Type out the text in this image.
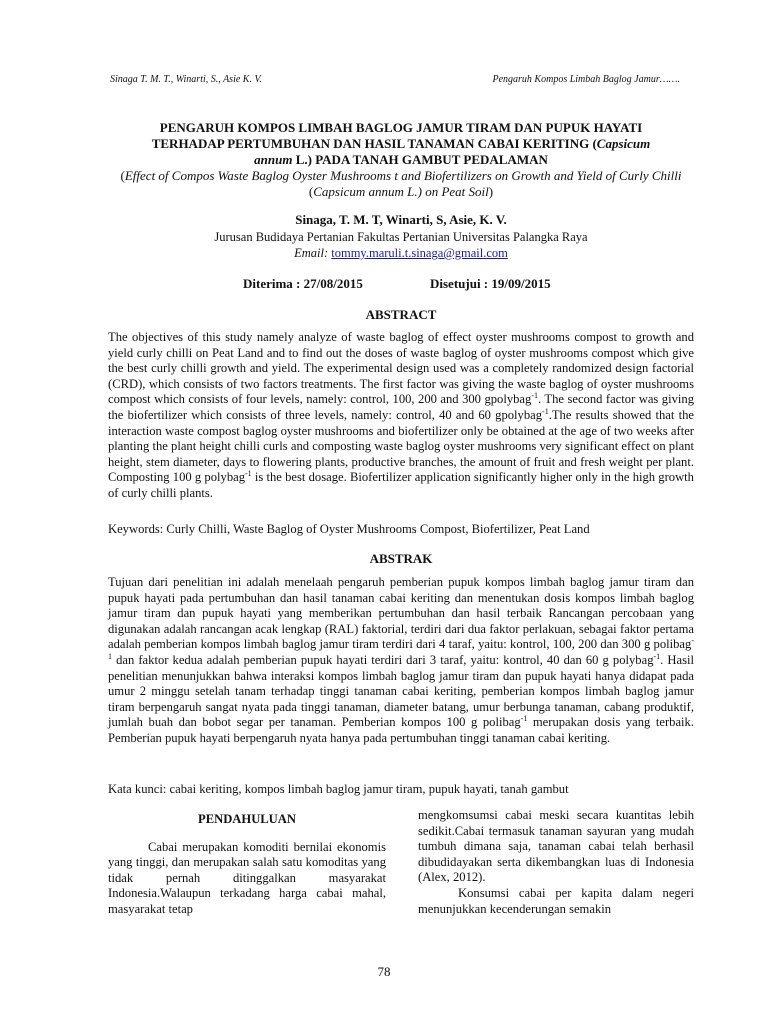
Sinaga T. M. T., Winarti, S., Asie K. V.	Pengaruh Kompos Limbah Baglog Jamur…….
PENGARUH KOMPOS LIMBAH BAGLOG JAMUR TIRAM DAN PUPUK HAYATI
TERHADAP PERTUMBUHAN DAN HASIL TANAMAN CABAI KERITING (Capsicum
annum L.) PADA TANAH GAMBUT PEDALAMAN
(Effect of Compos Waste Baglog Oyster Mushrooms t and Biofertilizers on Growth and Yield of Curly Chilli (Capsicum annum L.) on Peat Soil)
Sinaga, T. M. T, Winarti, S, Asie, K. V.
Jurusan Budidaya Pertanian Fakultas Pertanian Universitas Palangka Raya
Email: tommy.maruli.t.sinaga@gmail.com
Diterima : 27/08/2015	Disetujui : 19/09/2015
ABSTRACT
The objectives of this study namely analyze of waste baglog of effect oyster mushrooms compost to growth and yield curly chilli on Peat Land and to find out the doses of waste baglog of oyster mushrooms compost which give the best curly chilli growth and yield. The experimental design used was a completely randomized design factorial (CRD), which consists of two factors treatments. The first factor was giving the waste baglog of oyster mushrooms compost which consists of four levels, namely: control, 100, 200 and 300 gpolybag$^{-1}$. The second factor was giving the biofertilizer which consists of three levels, namely: control, 40 and 60 gpolybag$^{-1}$.The results showed that the interaction waste compost baglog oyster mushrooms and biofertilizer only be obtained at the age of two weeks after planting the plant height chilli curls and composting waste baglog oyster mushrooms very significant effect on plant height, stem diameter, days to flowering plants, productive branches, the amount of fruit and fresh weight per plant. Composting 100 g polybag$^{-1}$ is the best dosage. Biofertilizer application significantly higher only in the high growth of curly chilli plants.
Keywords: Curly Chilli, Waste Baglog of Oyster Mushrooms Compost, Biofertilizer, Peat Land
ABSTRAK
Tujuan dari penelitian ini adalah menelaah pengaruh pemberian pupuk kompos limbah baglog jamur tiram dan pupuk hayati pada pertumbuhan dan hasil tanaman cabai keriting dan menentukan dosis kompos limbah baglog jamur tiram dan pupuk hayati yang memberikan pertumbuhan dan hasil terbaik Rancangan percobaan yang digunakan adalah rancangan acak lengkap (RAL) faktorial, terdiri dari dua faktor perlakuan, sebagai faktor pertama adalah pemberian kompos limbah baglog jamur tiram terdiri dari 4 taraf, yaitu: kontrol, 100, 200 dan 300 g polibag$^{-1}$ dan faktor kedua adalah pemberian pupuk hayati terdiri dari 3 taraf, yaitu: kontrol, 40 dan 60 g polybag$^{-1}$. Hasil penelitian menunjukkan bahwa interaksi kompos limbah baglog jamur tiram dan pupuk hayati hanya didapat pada umur 2 minggu setelah tanam terhadap tinggi tanaman cabai keriting, pemberian kompos limbah baglog jamur tiram berpengaruh sangat nyata pada tinggi tanaman, diameter batang, umur berbunga tanaman, cabang produktif, jumlah buah dan bobot segar per tanaman. Pemberian kompos 100 g polibag$^{-1}$ merupakan dosis yang terbaik. Pemberian pupuk hayati berpengaruh nyata hanya pada pertumbuhan tinggi tanaman cabai keriting.
Kata kunci: cabai keriting, kompos limbah baglog jamur tiram, pupuk hayati, tanah gambut
PENDAHULUAN

Cabai merupakan komoditi bernilai ekonomis yang tinggi, dan merupakan salah satu komoditas yang tidak pernah ditinggalkan masyarakat Indonesia.Walaupun terkadang harga cabai mahal, masyarakat tetap

mengkomsumsi cabai meski secara kuantitas lebih sedikit.Cabai termasuk tanaman sayuran yang mudah tumbuh dimana saja, tanaman cabai telah berhasil dibudidayakan serta dikembangkan luas di Indonesia (Alex, 2012).

Konsumsi cabai per kapita dalam negeri menunjukkan kecenderungan semakin

78
